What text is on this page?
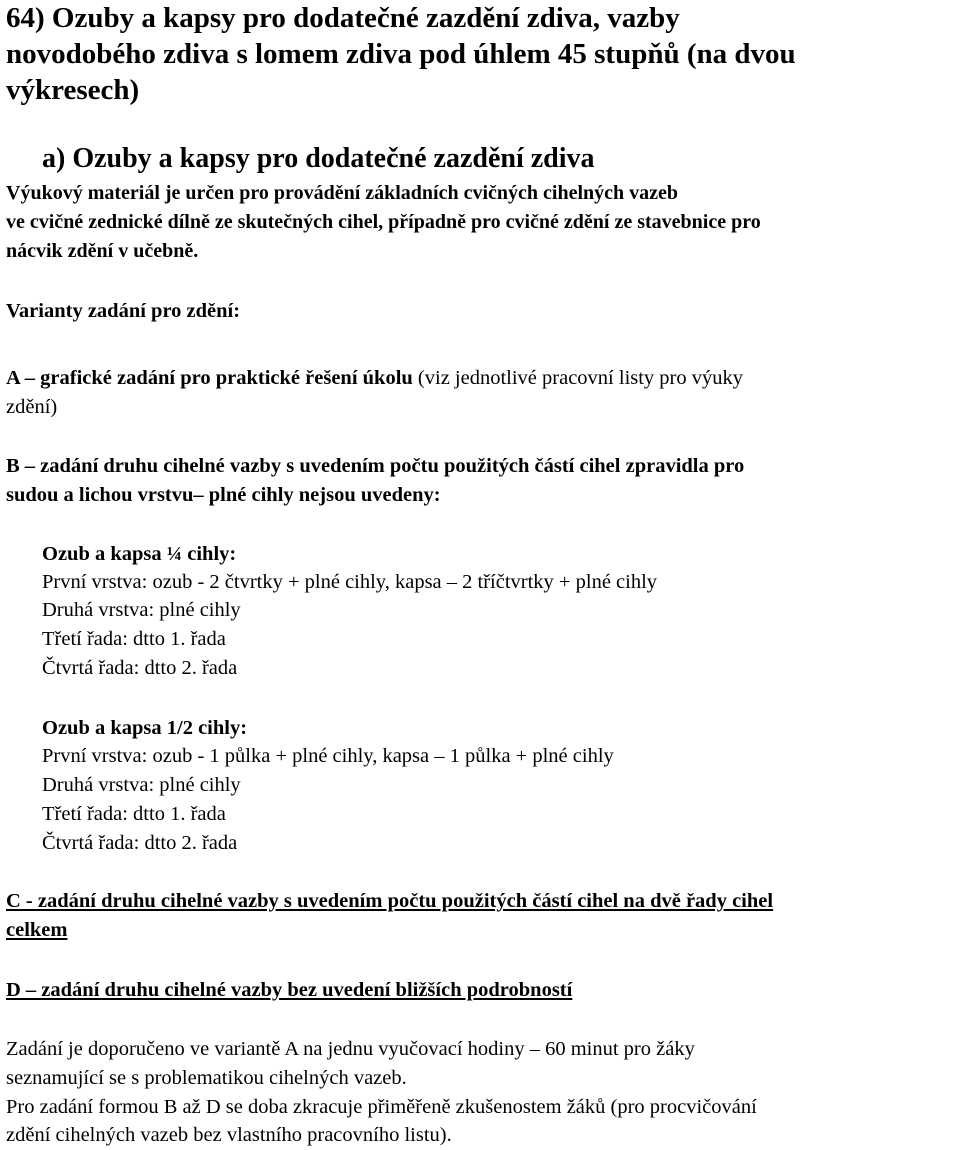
64) Ozuby a kapsy pro dodatečné zazdění zdiva, vazby
novodobého zdiva s lomem zdiva pod úhlem 45 stupňů (na dvou
výkresech)
a) Ozuby a kapsy pro dodatečné zazdění zdiva
Výukový materiál je určen pro provádění základních cvičných cihelných vazeb
ve cvičné zednické dílně ze skutečných cihel, případně pro cvičné zdění ze stavebnice pro
nácvik zdění v učebně.
Varianty zadání pro zdění:
A – grafické zadání pro praktické řešení úkolu (viz jednotlivé pracovní listy pro výuky
zdění)
B – zadání druhu cihelné vazby s uvedením počtu použitých částí cihel zpravidla pro
sudou a lichou vrstvu– plné cihly nejsou uvedeny:
Ozub a kapsa ¼ cihly:
První vrstva: ozub - 2 čtvrtky + plné cihly, kapsa – 2 tříčtvrtky + plné cihly
Druhá vrstva: plné cihly
Třetí řada: dtto 1. řada
Čtvrtá řada: dtto 2. řada
Ozub a kapsa 1/2 cihly:
První vrstva: ozub - 1 půlka + plné cihly, kapsa – 1 půlka + plné cihly
Druhá vrstva: plné cihly
Třetí řada: dtto 1. řada
Čtvrtá řada: dtto 2. řada
C - zadání druhu cihelné vazby s uvedením počtu použitých částí cihel na dvě řady cihel
celkem
D – zadání druhu cihelné vazby bez uvedení bližších podrobností
Zadání je doporučeno ve variantě A na jednu vyučovací hodiny – 60 minut pro žáky
seznamující se s problematikou cihelných vazeb.
Pro zadání formou B až D se doba zkracuje přiměřeně zkušenostem žáků (pro procvičování
zdění cihelných vazeb bez vlastního pracovního listu).
